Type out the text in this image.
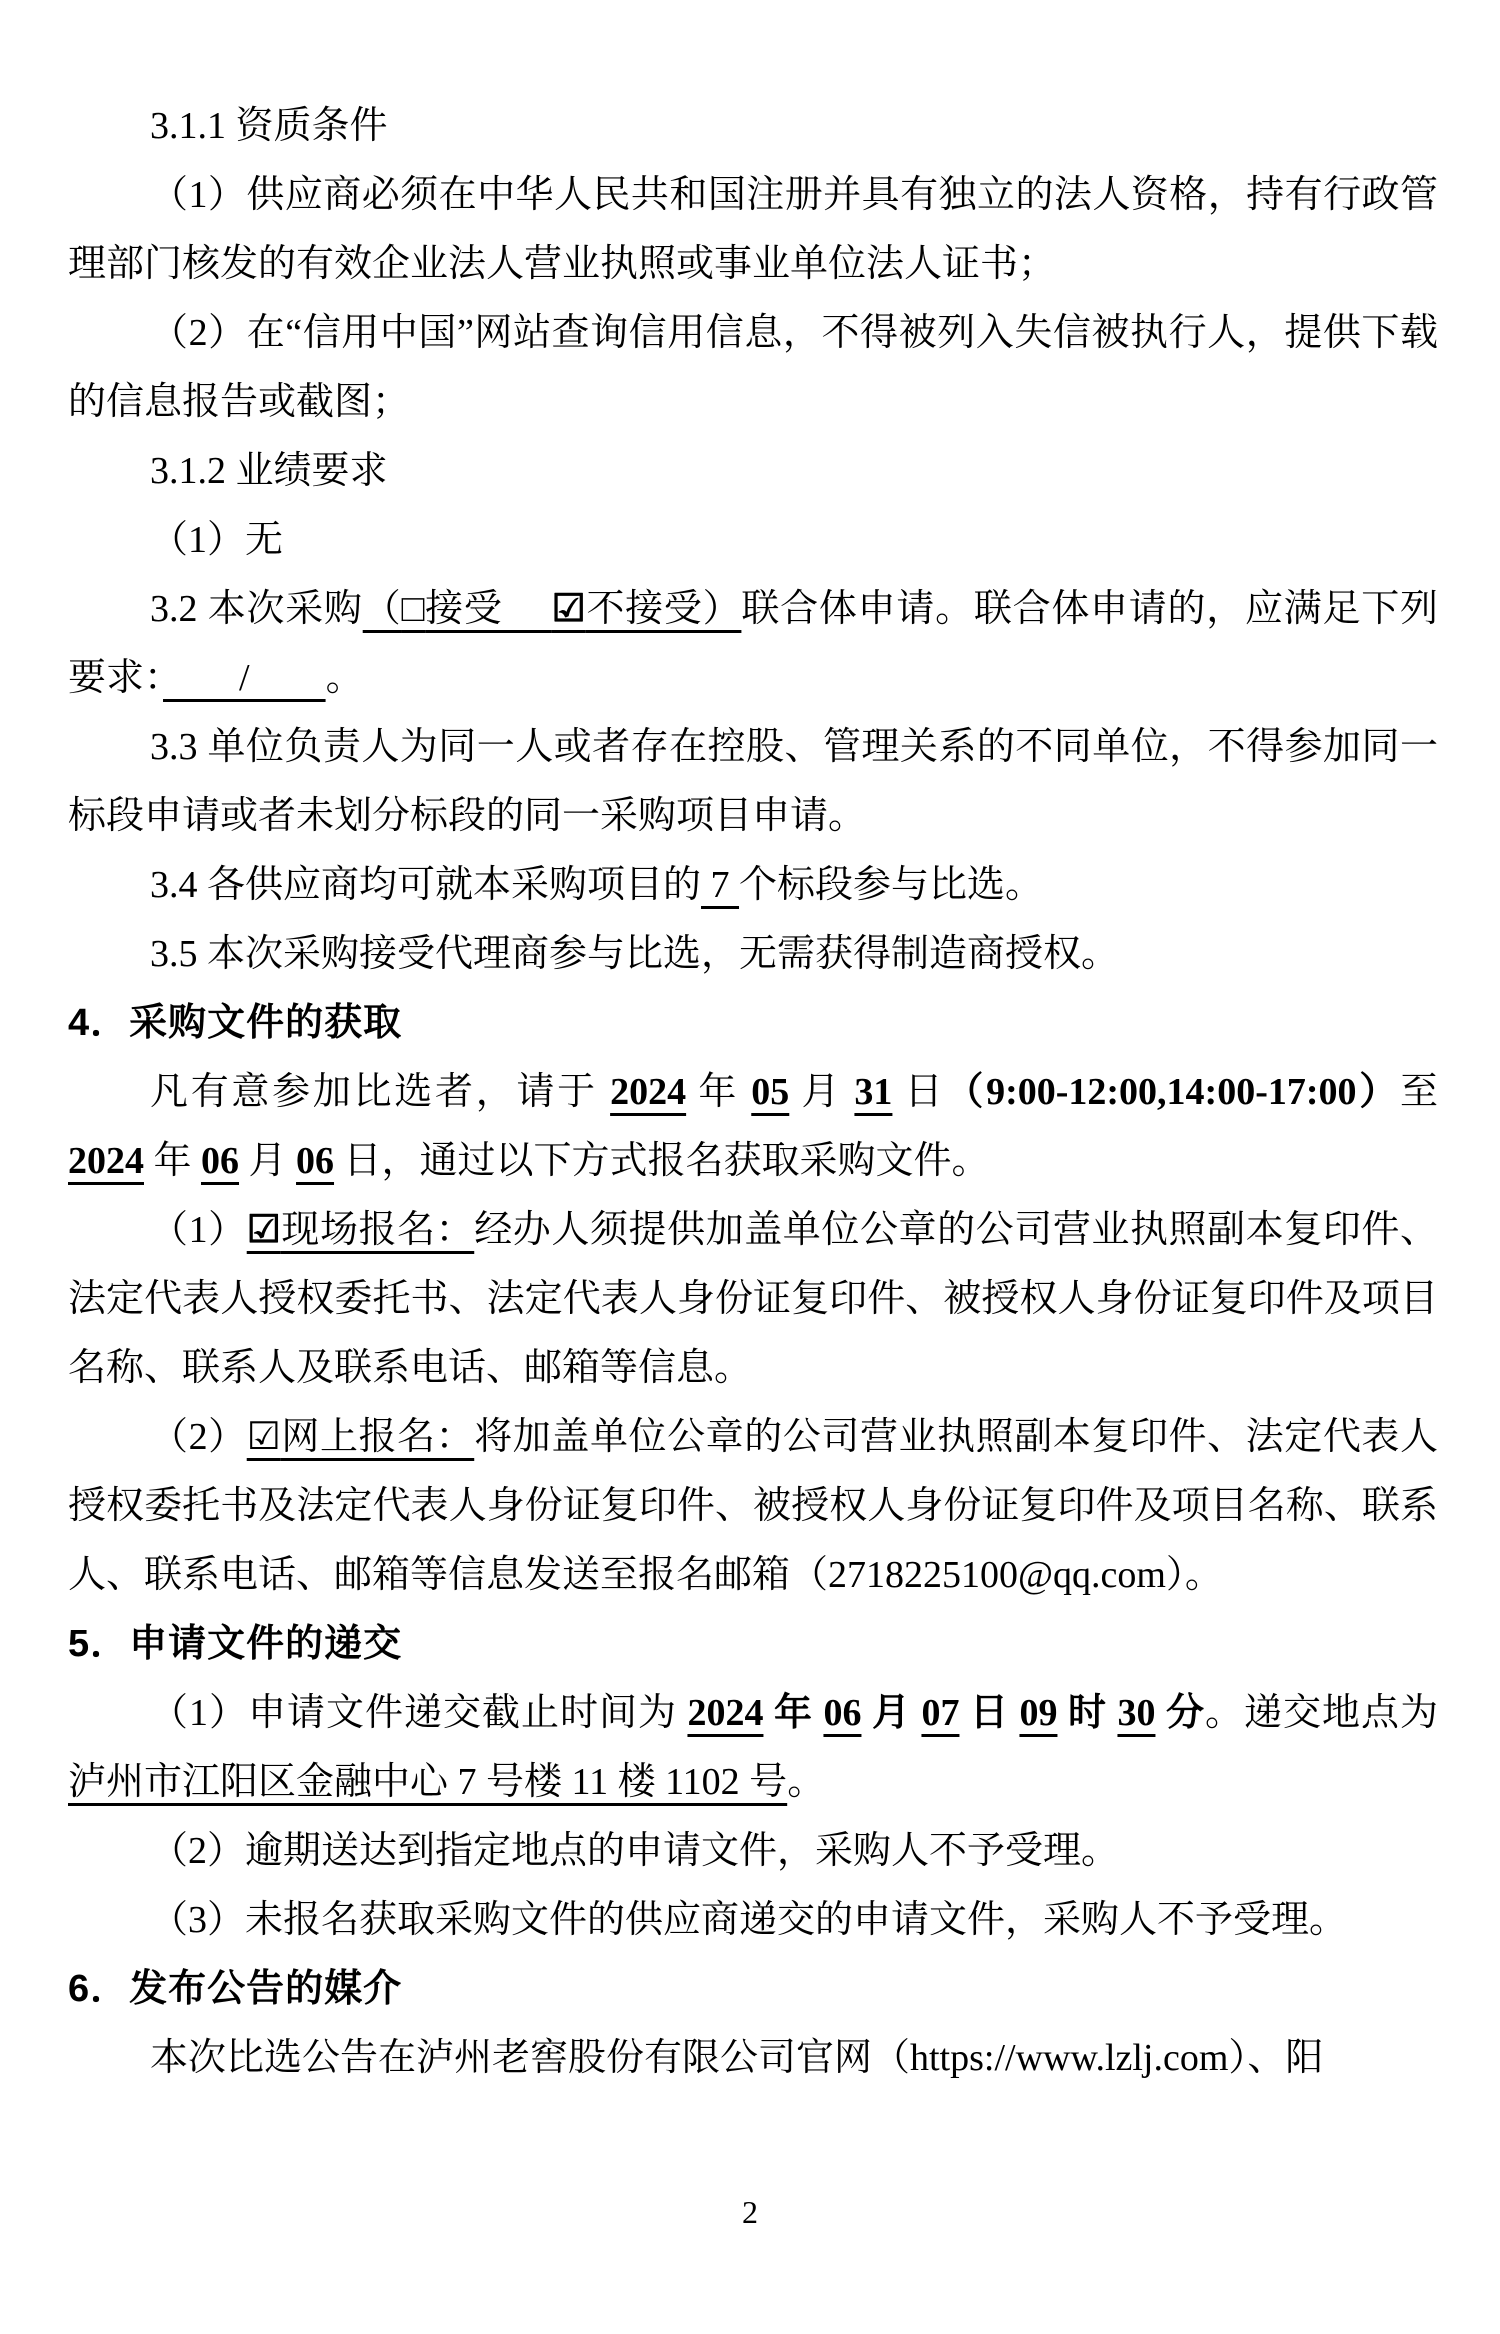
3.1.1 资质条件
（1）供应商必须在中华人民共和国注册并具有独立的法人资格，持有行政管理部门核发的有效企业法人营业执照或事业单位法人证书；
（2）在“信用中国”网站查询信用信息，不得被列入失信被执行人，提供下载的信息报告或截图；
3.1.2 业绩要求
（1）无
3.2 本次采购（□接受　 ☑不接受）联合体申请。联合体申请的，应满足下列要求：　　/　　。
3.3 单位负责人为同一人或者存在控股、管理关系的不同单位，不得参加同一标段申请或者未划分标段的同一采购项目申请。
3.4 各供应商均可就本采购项目的 7 个标段参与比选。
3.5 本次采购接受代理商参与比选，无需获得制造商授权。
4．采购文件的获取
凡有意参加比选者，请于 2024 年 05 月 31 日（9:00-12:00,14:00-17:00）至 2024 年 06 月 06 日，通过以下方式报名获取采购文件。
（1）☑现场报名：经办人须提供加盖单位公章的公司营业执照副本复印件、法定代表人授权委托书、法定代表人身份证复印件、被授权人身份证复印件及项目名称、联系人及联系电话、邮箱等信息。
（2）☑网上报名：将加盖单位公章的公司营业执照副本复印件、法定代表人授权委托书及法定代表人身份证复印件、被授权人身份证复印件及项目名称、联系人、联系电话、邮箱等信息发送至报名邮箱（2718225100@qq.com）。
5．申请文件的递交
（1）申请文件递交截止时间为 2024 年 06 月 07 日 09 时 30 分。递交地点为泸州市江阳区金融中心 7 号楼 11 楼 1102 号。
（2）逾期送达到指定地点的申请文件，采购人不予受理。
（3）未报名获取采购文件的供应商递交的申请文件，采购人不予受理。
6．发布公告的媒介
本次比选公告在泸州老窖股份有限公司官网（https://www.lzlj.com）、阳
2
